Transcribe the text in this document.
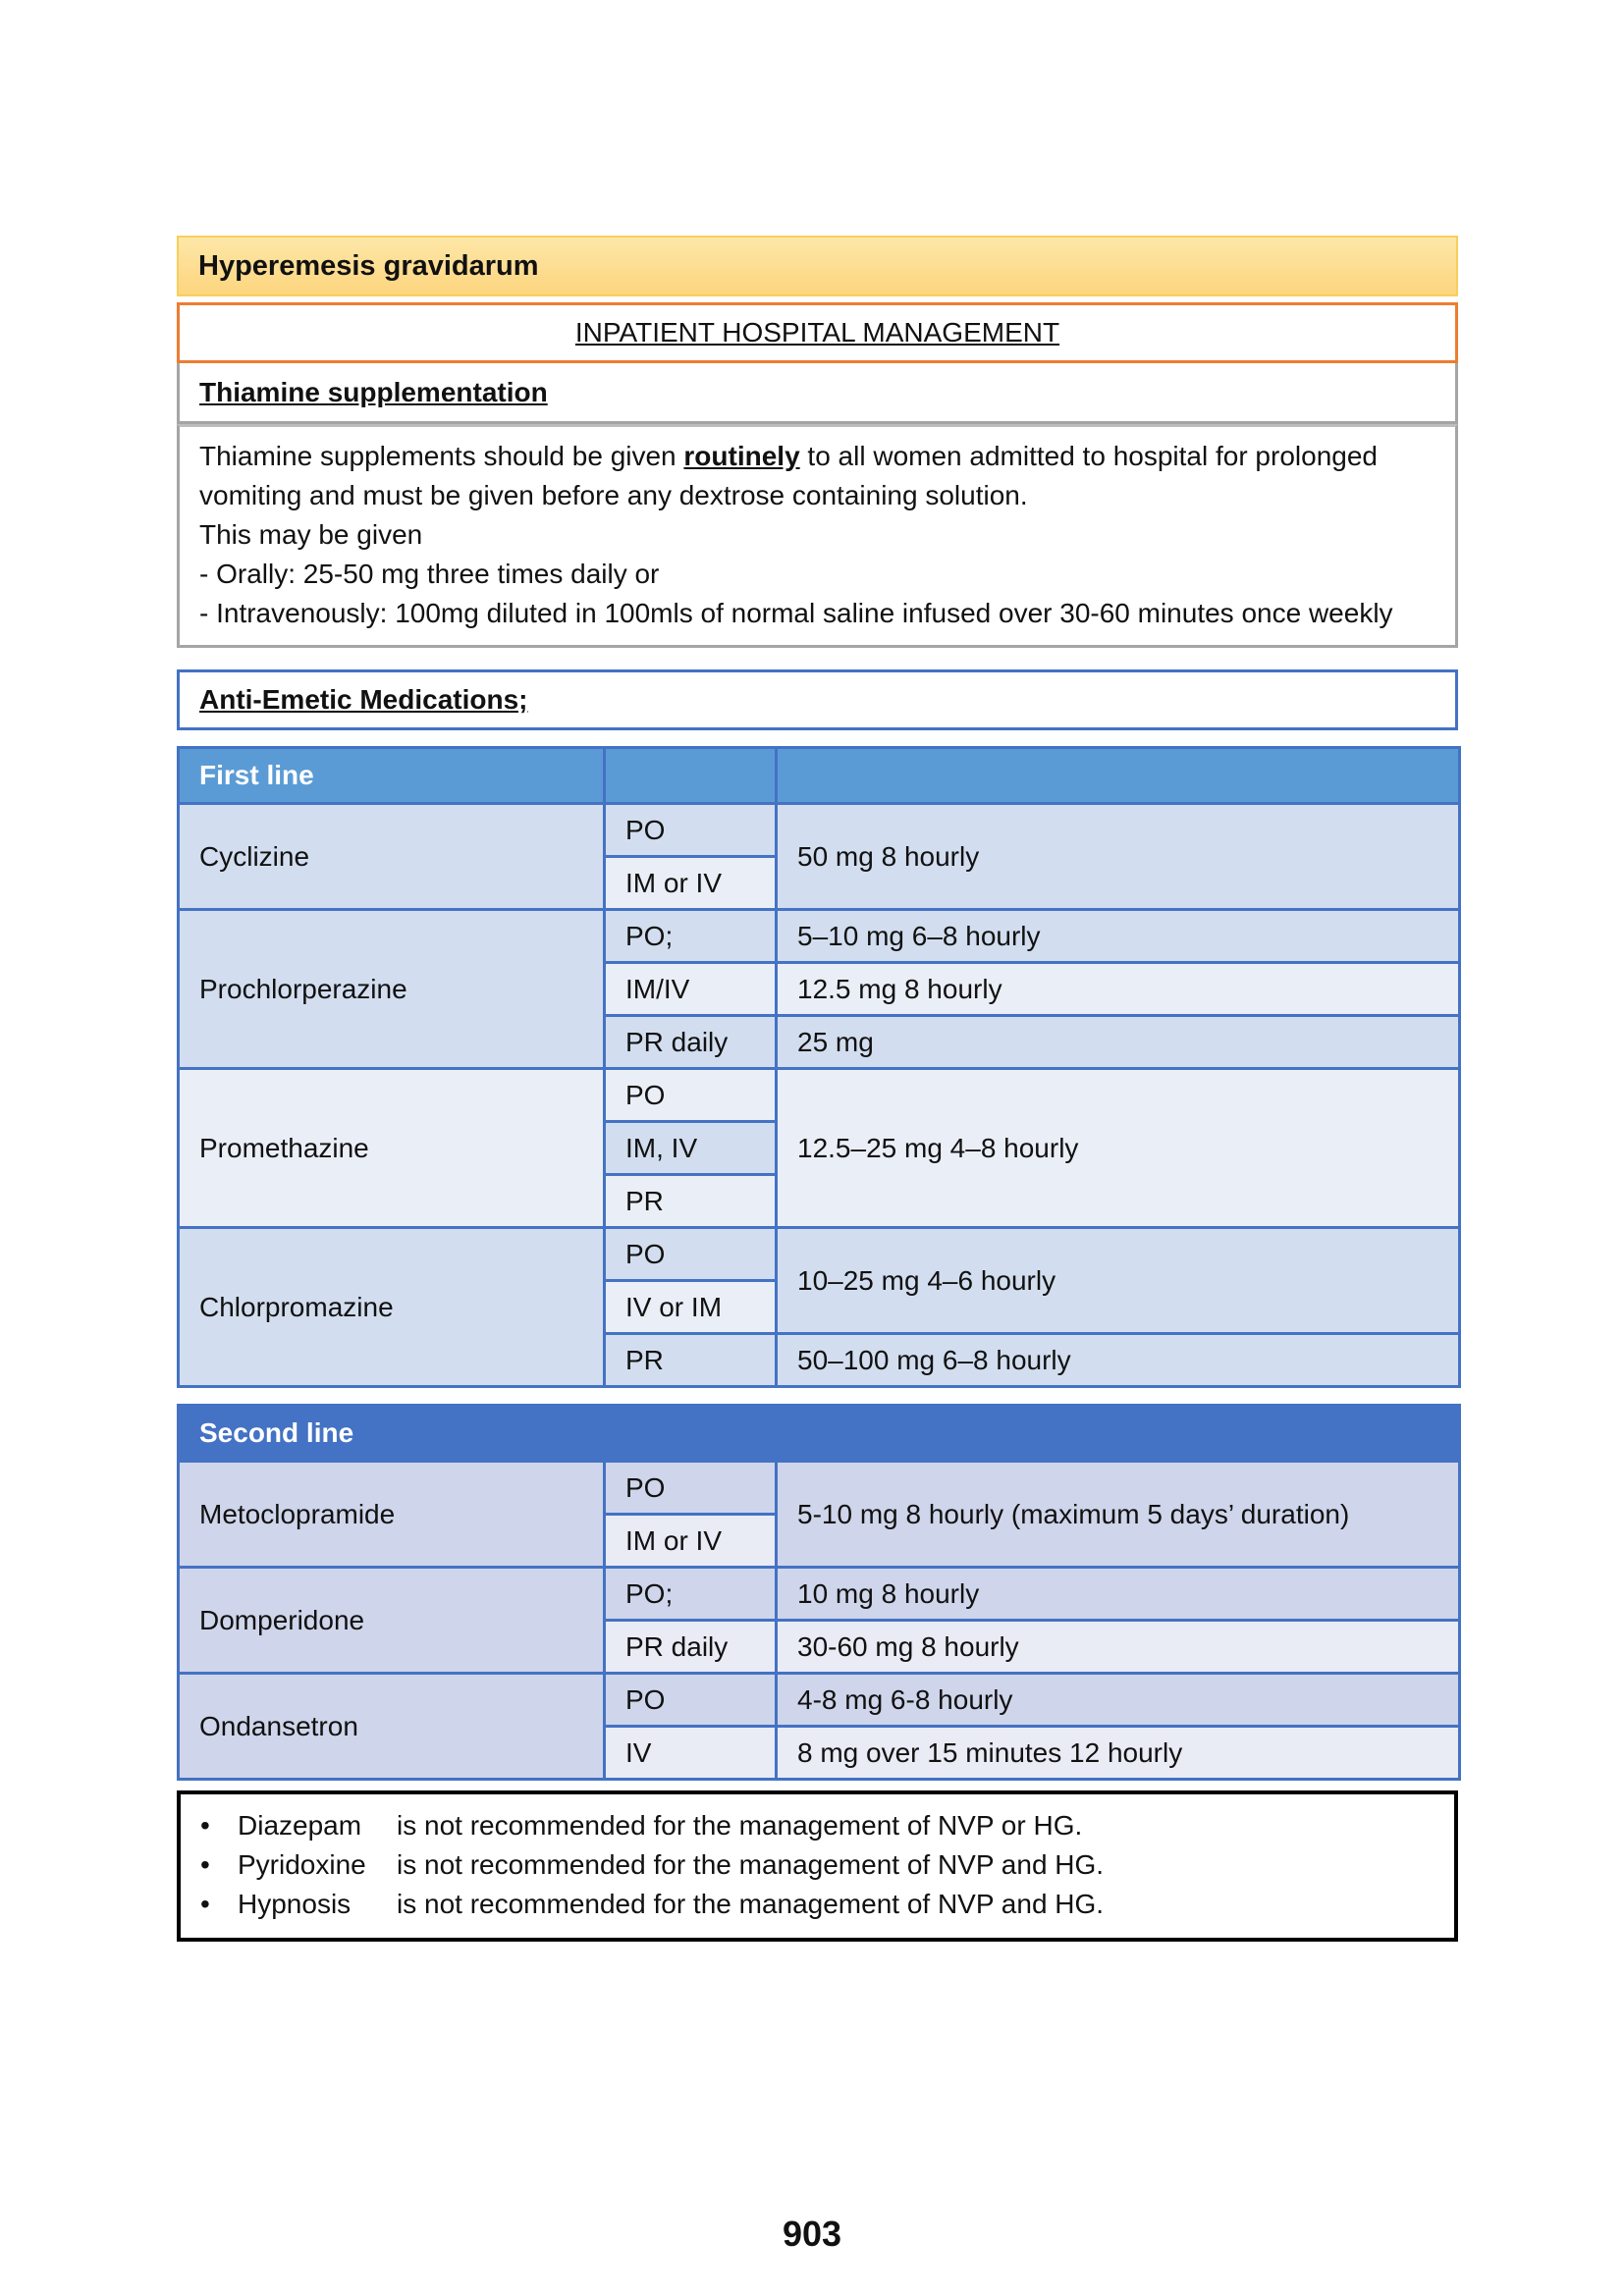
Hyperemesis gravidarum
INPATIENT HOSPITAL MANAGEMENT
Thiamine supplementation
Thiamine supplements should be given routinely to all women admitted to hospital for prolonged vomiting and must be given before any dextrose containing solution.
This may be given
- Orally: 25-50 mg three times daily or
- Intravenously: 100mg diluted in 100mls of normal saline infused over 30-60 minutes once weekly
Anti-Emetic Medications;
First line		
Cyclizine	PO	50 mg 8 hourly
	IM or IV	
Prochlorperazine	PO;	5–10 mg 6–8 hourly
	IM/IV	12.5 mg 8 hourly
	PR daily	25 mg
Promethazine	PO	12.5–25 mg 4–8 hourly
	IM, IV	
	PR	
Chlorpromazine	PO	10–25 mg 4–6 hourly
	IV or IM	
	PR	50–100 mg 6–8 hourly
Second line		
Metoclopramide	PO	5-10 mg 8 hourly (maximum 5 days’ duration)
	IM or IV	
Domperidone	PO;	10 mg 8 hourly
	PR daily	30-60 mg 8 hourly
Ondansetron	PO	4-8 mg 6-8 hourly
	IV	8 mg over 15 minutes 12 hourly
•	Diazepam	is not recommended for the management of NVP or HG.
•	Pyridoxine	is not recommended for the management of NVP and HG.
•	Hypnosis	is not recommended for the management of NVP and HG.
903
